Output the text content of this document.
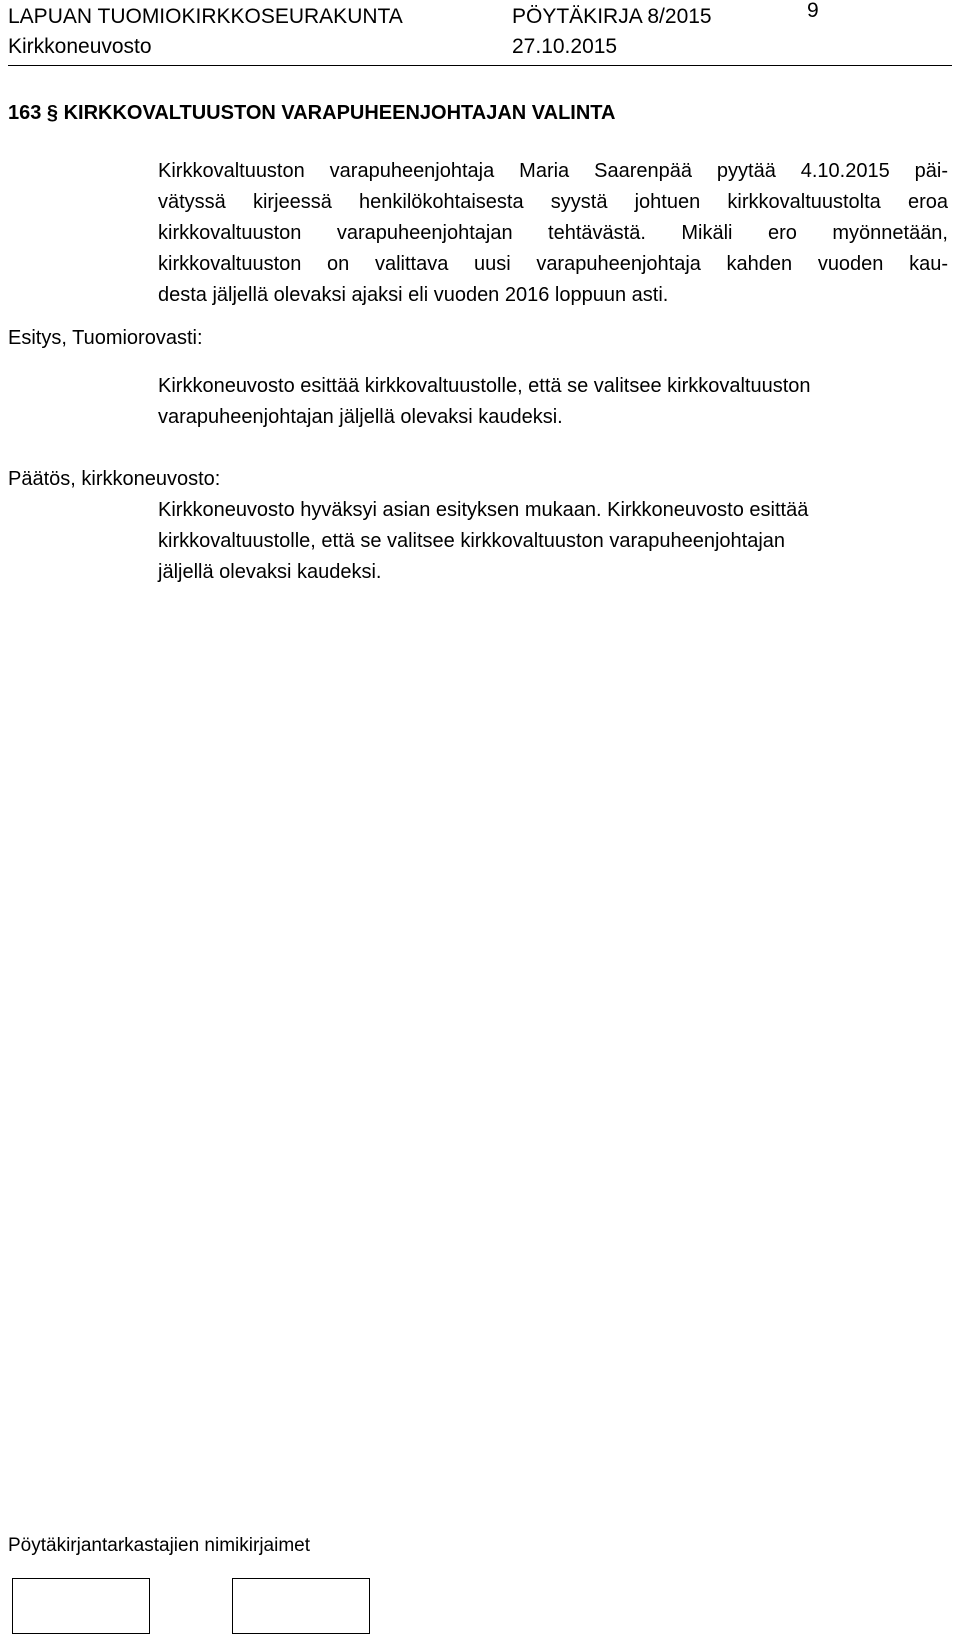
LAPUAN TUOMIOKIRKKOSEURAKUNTA	PÖYTÄKIRJA 8/2015	9
Kirkkoneuvosto	27.10.2015
163 § KIRKKOVALTUUSTON VARAPUHEENJOHTAJAN VALINTA
Kirkkovaltuuston varapuheenjohtaja Maria Saarenpää pyytää 4.10.2015 päi-
vätyssä kirjeessä henkilökohtaisesta syystä johtuen kirkkovaltuustolta eroa
kirkkovaltuuston varapuheenjohtajan tehtävästä. Mikäli ero myönnetään,
kirkkovaltuuston on valittava uusi varapuheenjohtaja kahden vuoden kau-
desta jäljellä olevaksi ajaksi eli vuoden 2016 loppuun asti.
Esitys, Tuomiorovasti:
Kirkkoneuvosto esittää kirkkovaltuustolle, että se valitsee kirkkovaltuuston
varapuheenjohtajan jäljellä olevaksi kaudeksi.
Päätös, kirkkoneuvosto:
Kirkkoneuvosto hyväksyi asian esityksen mukaan. Kirkkoneuvosto esittää
kirkkovaltuustolle, että se valitsee kirkkovaltuuston varapuheenjohtajan
jäljellä olevaksi kaudeksi.
Pöytäkirjantarkastajien nimikirjaimet
